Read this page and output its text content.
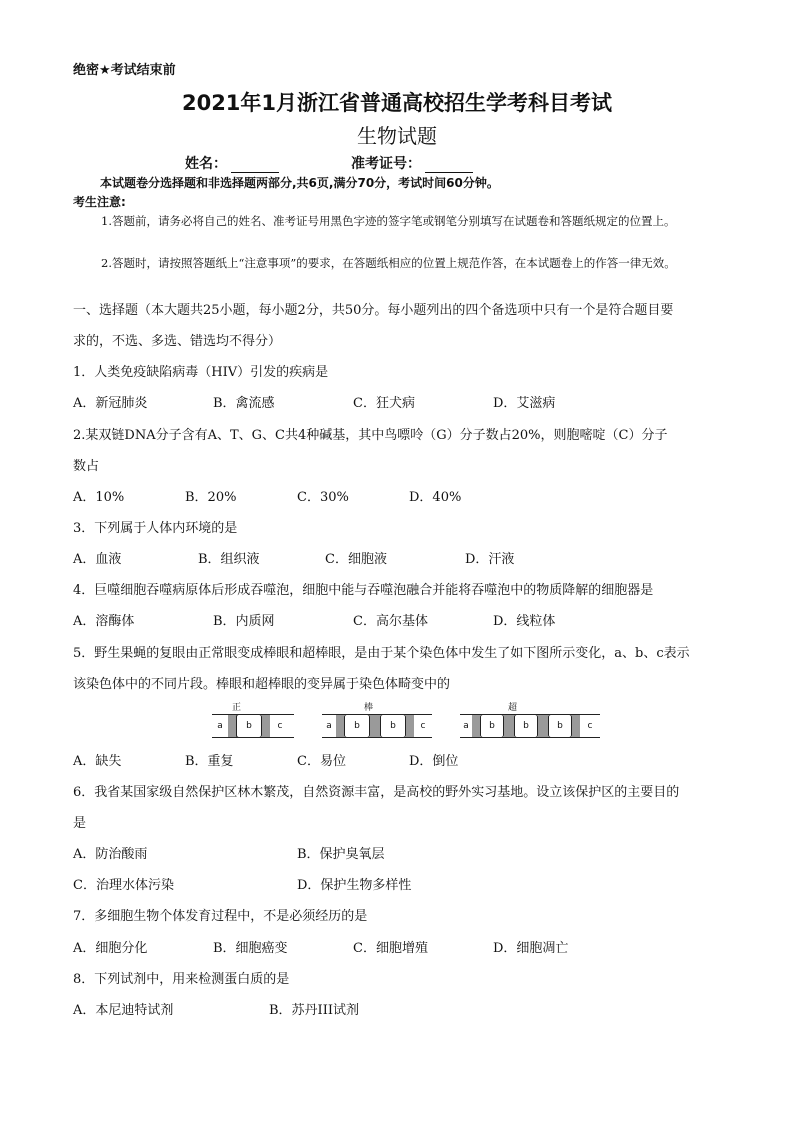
绝密★考试结束前
2021年1月浙江省普通高校招生学考科目考试
生物试题
姓名：	准考证号：
本试题卷分选择题和非选择题两部分,共6页,满分70分，考试时间60分钟。
考生注意:
1.答题前，请务必将自己的姓名、准考证号用黑色字迹的签字笔或钢笔分别填写在试题卷和答题纸规定的位置上。
2.答题时，请按照答题纸上“注意事项”的要求，在答题纸相应的位置上规范作答，在本试题卷上的作答一律无效。
一、选择题（本大题共25小题，每小题2分，共50分。每小题列出的四个备选项中只有一个是符合题目要
求的，不选、多选、错选均不得分）
1．人类免疫缺陷病毒（HIV）引发的疾病是
A．新冠肺炎	B．禽流感	C．狂犬病	D．艾滋病
2.某双链DNA分子含有A、T、G、C共4种碱基，其中鸟嘌呤（G）分子数占20%，则胞嘧啶（C）分子
数占
A．10%	B．20%	C．30%	D．40%
3．下列属于人体内环境的是
A．血液	B．组织液	C．细胞液	D．汗液
4．巨噬细胞吞噬病原体后形成吞噬泡，细胞中能与吞噬泡融合并能将吞噬泡中的物质降解的细胞器是
A．溶酶体	B．内质网	C．高尔基体	D．线粒体
5．野生果蝇的复眼由正常眼变成棒眼和超棒眼，是由于某个染色体中发生了如下图所示变化，a、b、c表示
该染色体中的不同片段。棒眼和超棒眼的变异属于染色体畸变中的
正
a	b	c
棒
a	b	b	c
超
a	b	b	b	c
A．缺失	B．重复	C．易位	D．倒位
6．我省某国家级自然保护区林木繁茂，自然资源丰富，是高校的野外实习基地。设立该保护区的主要目的
是
A．防治酸雨	B．保护臭氧层
C．治理水体污染	D．保护生物多样性
7．多细胞生物个体发育过程中，不是必须经历的是
A．细胞分化	B．细胞癌变	C．细胞增殖	D．细胞凋亡
8．下列试剂中，用来检测蛋白质的是
A．本尼迪特试剂	B．苏丹III试剂
